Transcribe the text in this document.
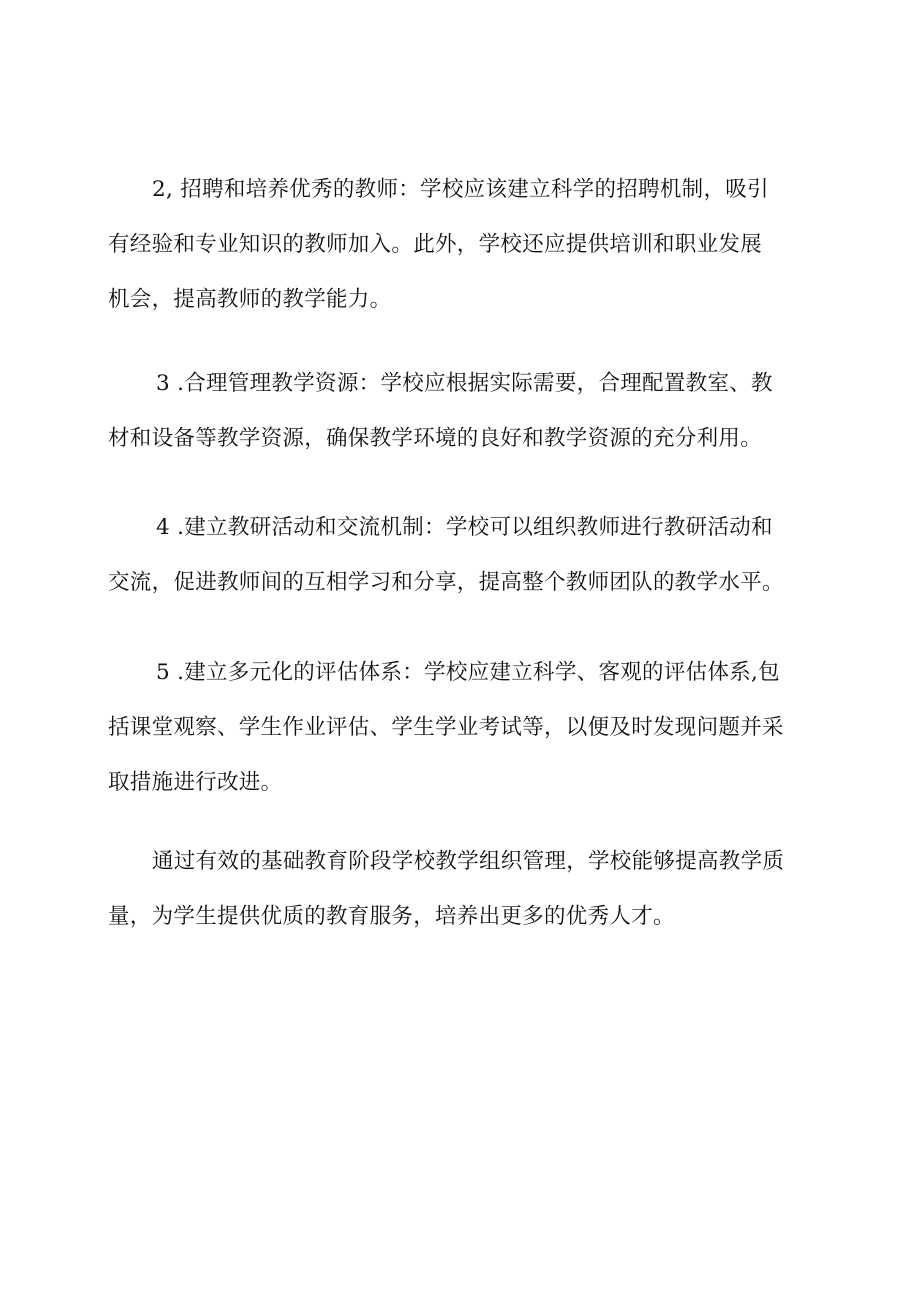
2, 招聘和培养优秀的教师：学校应该建立科学的招聘机制，吸引
有经验和专业知识的教师加入。此外，学校还应提供培训和职业发展
机会，提高教师的教学能力。
3 .合理管理教学资源：学校应根据实际需要，合理配置教室、教
材和设备等教学资源，确保教学环境的良好和教学资源的充分利用。
4 .建立教研活动和交流机制：学校可以组织教师进行教研活动和
交流，促进教师间的互相学习和分享，提高整个教师团队的教学水平。
5 .建立多元化的评估体系：学校应建立科学、客观的评估体系,包
括课堂观察、学生作业评估、学生学业考试等，以便及时发现问题并采
取措施进行改进。
通过有效的基础教育阶段学校教学组织管理，学校能够提高教学质
量，为学生提供优质的教育服务，培养出更多的优秀人才。
